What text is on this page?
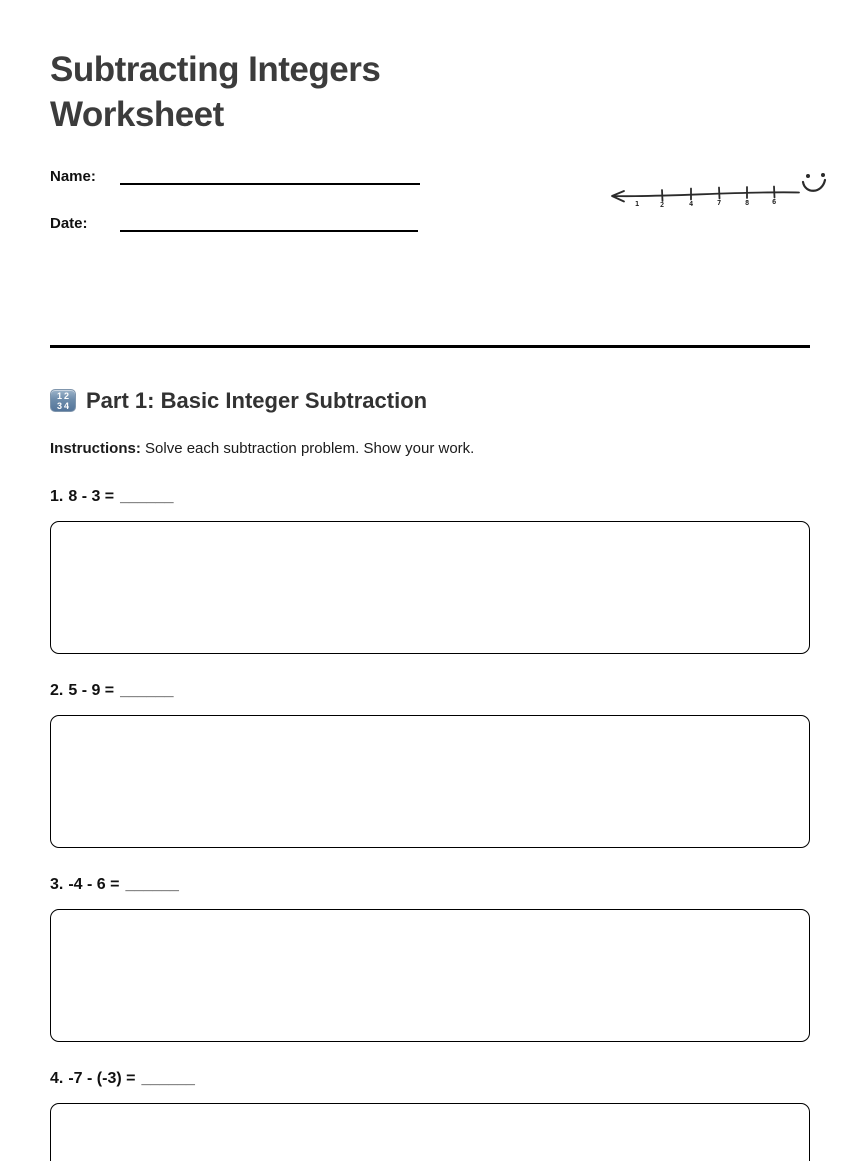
Subtracting Integers
Worksheet
Name:
Date:
1	2	4	7	8	6
12
34 Part 1: Basic Integer Subtraction
Instructions: Solve each subtraction problem. Show your work.
1. 8 - 3 = ______
2. 5 - 9 = ______
3. -4 - 6 = ______
4. -7 - (-3) = ______
